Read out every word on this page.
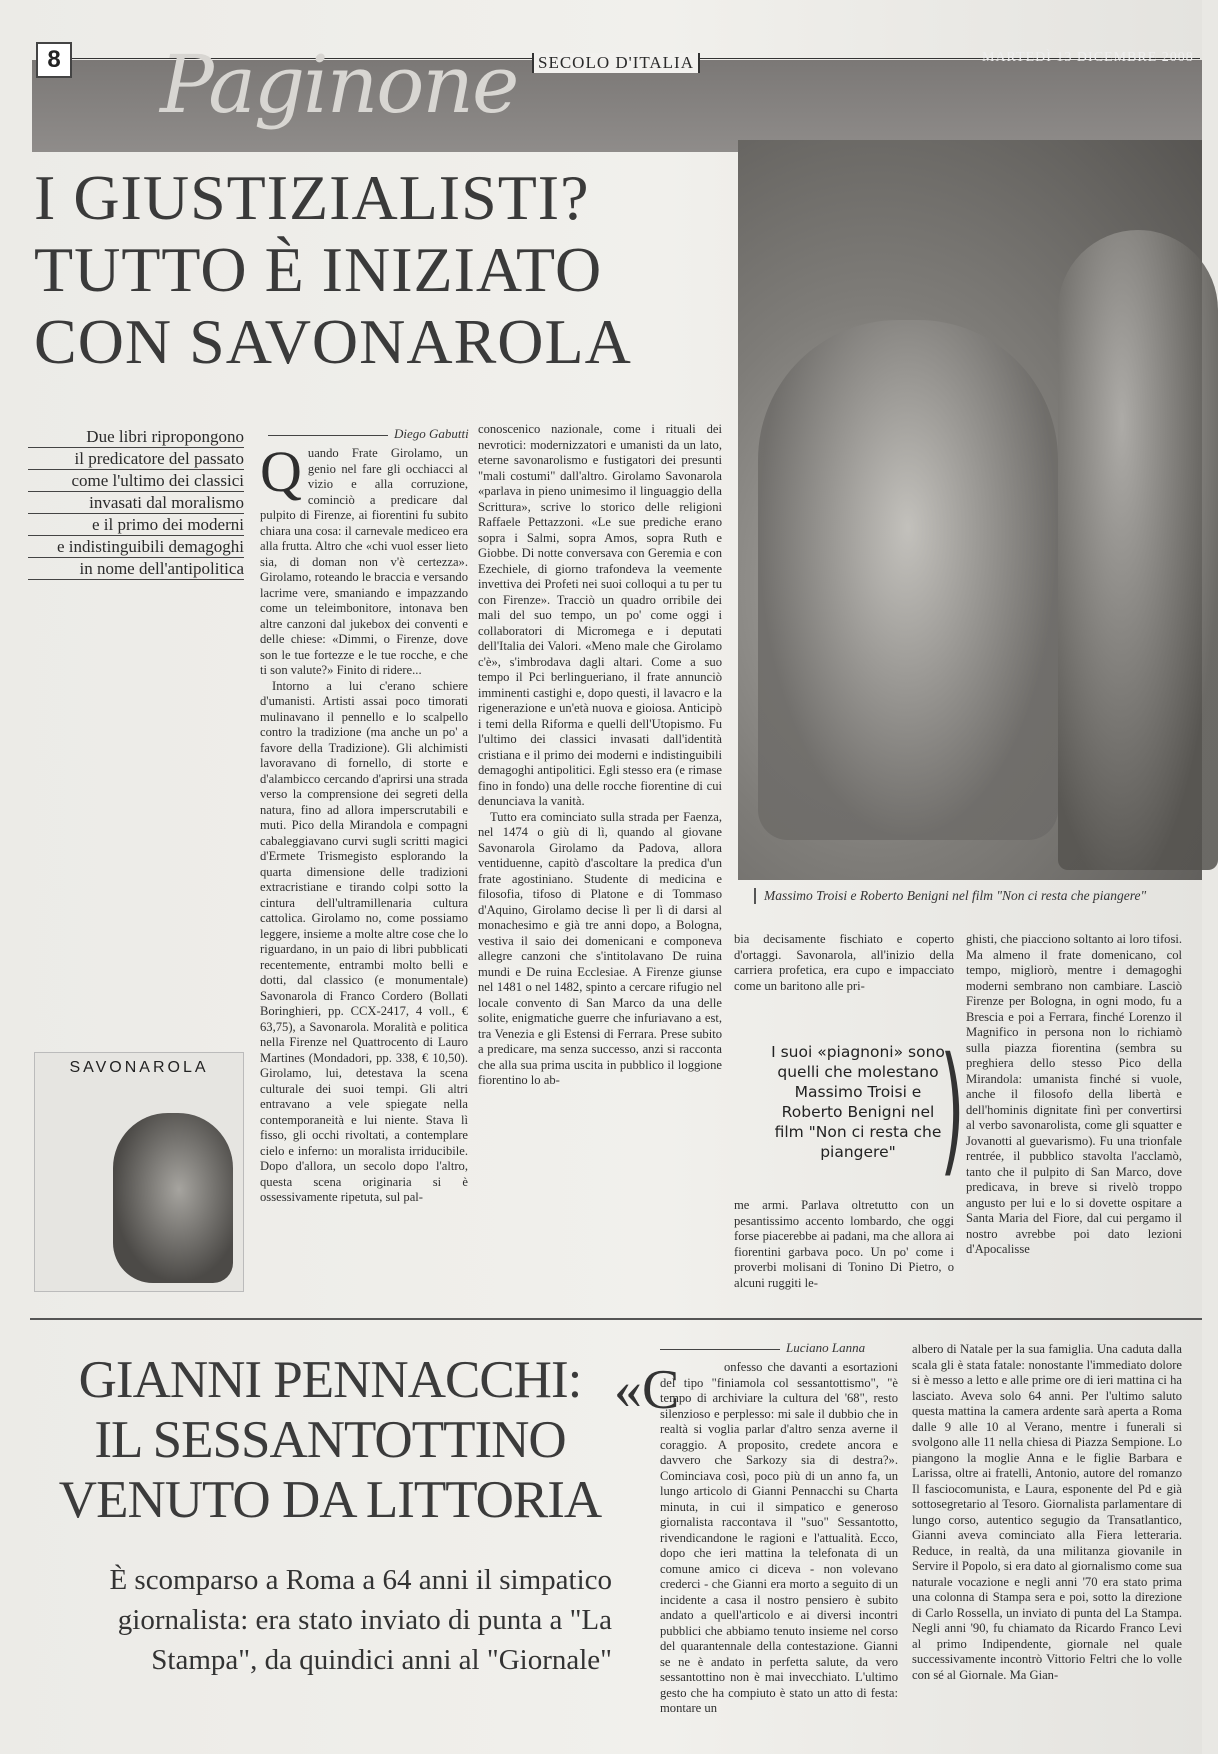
8 Paginone	SECOLO D'ITALIA	MARTEDÌ 13 DICEMBRE 2008
I GIUSTIZIALISTI?
TUTTO È INIZIATO
CON SAVONAROLA
Massimo Troisi e Roberto Benigni nel film "Non ci resta che piangere"
Due libri ripropongono
il predicatore del passato
come l'ultimo dei classici
invasati dal moralismo
e il primo dei moderni
e indistinguibili demagoghi
in nome dell'antipolitica
Diego Gabutti
Q uando Frate Girolamo, un genio nel fare gli occhiacci al vizio e alla corruzione, cominciò a predicare dal pulpito di Firenze, ai fiorentini fu subito chiara una cosa: il carnevale mediceo era alla frutta. Altro che «chi vuol esser lieto sia, di doman non v'è certezza». Girolamo, roteando le braccia e versando lacrime vere, smaniando e impazzando come un teleimbonitore, intonava ben altre canzoni dal jukebox dei conventi e delle chiese: «Dimmi, o Firenze, dove son le tue fortezze e le tue rocche, e che ti son valute?» Finito di ridere...

Intorno a lui c'erano schiere d'umanisti. Artisti assai poco timorati mulinavano il pennello e lo scalpello contro la tradizione (ma anche un po' a favore della Tradizione). Gli alchimisti lavoravano di fornello, di storte e d'alambicco cercando d'aprirsi una strada verso la comprensione dei segreti della natura, fino ad allora imperscrutabili e muti. Pico della Mirandola e compagni cabaleggiavano curvi sugli scritti magici d'Ermete Trismegisto esplorando la quarta dimensione delle tradizioni extracristiane e tirando colpi sotto la cintura dell'ultramillenaria cultura cattolica. Girolamo no, come possiamo leggere, insieme a molte altre cose che lo riguardano, in un paio di libri pubblicati recentemente, entrambi molto belli e dotti, dal classico (e monumentale) Savonarola di Franco Cordero (Bollati Boringhieri, pp. CCX-2417, 4 voll., € 63,75), a Savonarola. Moralità e politica nella Firenze nel Quattrocento di Lauro Martines (Mondadori, pp. 338, € 10,50). Girolamo, lui, detestava la scena culturale dei suoi tempi. Gli altri entravano a vele spiegate nella contemporaneità e lui niente. Stava lì fisso, gli occhi rivoltati, a contemplare cielo e inferno: un moralista irriducibile. Dopo d'allora, un secolo dopo l'altro, questa scena originaria si è ossessivamente ripetuta, sul pal-

conoscenico nazionale, come i rituali dei nevrotici: modernizzatori e umanisti da un lato, eterne savonarolismo e fustigatori dei presunti "mali costumi" dall'altro. Girolamo Savonarola «parlava in pieno unimesimo il linguaggio della Scrittura», scrive lo storico delle religioni Raffaele Pettazzoni. «Le sue prediche erano sopra i Salmi, sopra Amos, sopra Ruth e Giobbe. Di notte conversava con Geremia e con Ezechiele, di giorno trafondeva la veemente invettiva dei Profeti nei suoi colloqui a tu per tu con Firenze». Tracciò un quadro orribile dei mali del suo tempo, un po' come oggi i collaboratori di Micromega e i deputati dell'Italia dei Valori. «Meno male che Girolamo c'è», s'imbrodava dagli altari. Come a suo tempo il Pci berlingueriano, il frate annunciò imminenti castighi e, dopo questi, il lavacro e la rigenerazione e un'età nuova e gioiosa. Anticipò i temi della Riforma e quelli dell'Utopismo. Fu l'ultimo dei classici invasati dall'identità cristiana e il primo dei moderni e indistinguibili demagoghi antipolitici. Egli stesso era (e rimase fino in fondo) una delle rocche fiorentine di cui denunciava la vanità.

Tutto era cominciato sulla strada per Faenza, nel 1474 o giù di lì, quando al giovane Savonarola Girolamo da Padova, allora ventiduenne, capitò d'ascoltare la predica d'un frate agostiniano. Studente di medicina e filosofia, tifoso di Platone e di Tommaso d'Aquino, Girolamo decise lì per lì di darsi al monachesimo e già tre anni dopo, a Bologna, vestiva il saio dei domenicani e componeva allegre canzoni che s'intitolavano De ruina mundi e De ruina Ecclesiae. A Firenze giunse nel 1481 o nel 1482, spinto a cercare rifugio nel locale convento di San Marco da una delle solite, enigmatiche guerre che infuriavano a est, tra Venezia e gli Estensi di Ferrara. Prese subito a predicare, ma senza successo, anzi si racconta che alla sua prima uscita in pubblico il loggione fiorentino lo ab-

bia decisamente fischiato e coperto d'ortaggi. Savonarola, all'inizio della carriera profetica, era cupo e impacciato come un baritono alle pri-

I suoi «piagnoni» sono quelli che molestano Massimo Troisi e Roberto Benigni nel film "Non ci resta che piangere" )

me armi. Parlava oltretutto con un pesantissimo accento lombardo, che oggi forse piacerebbe ai padani, ma che allora ai fiorentini garbava poco. Un po' come i proverbi molisani di Tonino Di Pietro, o alcuni ruggiti le-

ghisti, che piacciono soltanto ai loro tifosi. Ma almeno il frate domenicano, col tempo, migliorò, mentre i demagoghi moderni sembrano non cambiare. Lasciò Firenze per Bologna, in ogni modo, fu a Brescia e poi a Ferrara, finché Lorenzo il Magnifico in persona non lo richiamò sulla piazza fiorentina (sembra su preghiera dello stesso Pico della Mirandola: umanista finché si vuole, anche il filosofo della libertà e dell'hominis dignitate finì per convertirsi al verbo savonarolista, come gli squatter e Jovanotti al guevarismo). Fu una trionfale rentrée, il pubblico stavolta l'acclamò, tanto che il pulpito di San Marco, dove predicava, in breve si rivelò troppo angusto per lui e lo si dovette ospitare a Santa Maria del Fiore, dal cui pergamo il nostro avrebbe poi dato lezioni d'Apocalisse

SAVONAROLA
GIANNI PENNACCHI:
IL SESSANTOTTINO
VENUTO DA LITTORIA
È scomparso a Roma a 64 anni il simpatico giornalista: era stato inviato di punta a "La Stampa", da quindici anni al "Giornale"
Luciano Lanna
«C	onfesso che davanti a esortazioni del tipo "finiamola col sessantottismo", "è tempo di archiviare la cultura del '68", resto silenzioso e perplesso: mi sale il dubbio che in realtà si voglia parlar d'altro senza averne il coraggio. A proposito, credete ancora e davvero che Sarkozy sia di destra?». Cominciava così, poco più di un anno fa, un lungo articolo di Gianni Pennacchi su Charta minuta, in cui il simpatico e generoso giornalista raccontava il "suo" Sessantotto, rivendicandone le ragioni e l'attualità. Ecco, dopo che ieri mattina la telefonata di un comune amico ci diceva - non volevano crederci - che Gianni era morto a seguito di un incidente a casa il nostro pensiero è subito andato a quell'articolo e ai diversi incontri pubblici che abbiamo tenuto insieme nel corso del quarantennale della contestazione. Gianni se ne è andato in perfetta salute, da vero sessantottino non è mai invecchiato. L'ultimo gesto che ha compiuto è stato un atto di festa: montare un

albero di Natale per la sua famiglia. Una caduta dalla scala gli è stata fatale: nonostante l'immediato dolore si è messo a letto e alle prime ore di ieri mattina ci ha lasciato. Aveva solo 64 anni. Per l'ultimo saluto questa mattina la camera ardente sarà aperta a Roma dalle 9 alle 10 al Verano, mentre i funerali si svolgono alle 11 nella chiesa di Piazza Sempione. Lo piangono la moglie Anna e le figlie Barbara e Larissa, oltre ai fratelli, Antonio, autore del romanzo Il fasciocomunista, e Laura, esponente del Pd e già sottosegretario al Tesoro. Giornalista parlamentare di lungo corso, autentico segugio da Transatlantico, Gianni aveva cominciato alla Fiera letteraria. Reduce, in realtà, da una militanza giovanile in Servire il Popolo, si era dato al giornalismo come sua naturale vocazione e negli anni '70 era stato prima una colonna di Stampa sera e poi, sotto la direzione di Carlo Rossella, un inviato di punta del La Stampa. Negli anni '90, fu chiamato da Ricardo Franco Levi al primo Indipendente, giornale nel quale successivamente incontrò Vittorio Feltri che lo volle con sé al Giornale. Ma Gian-
